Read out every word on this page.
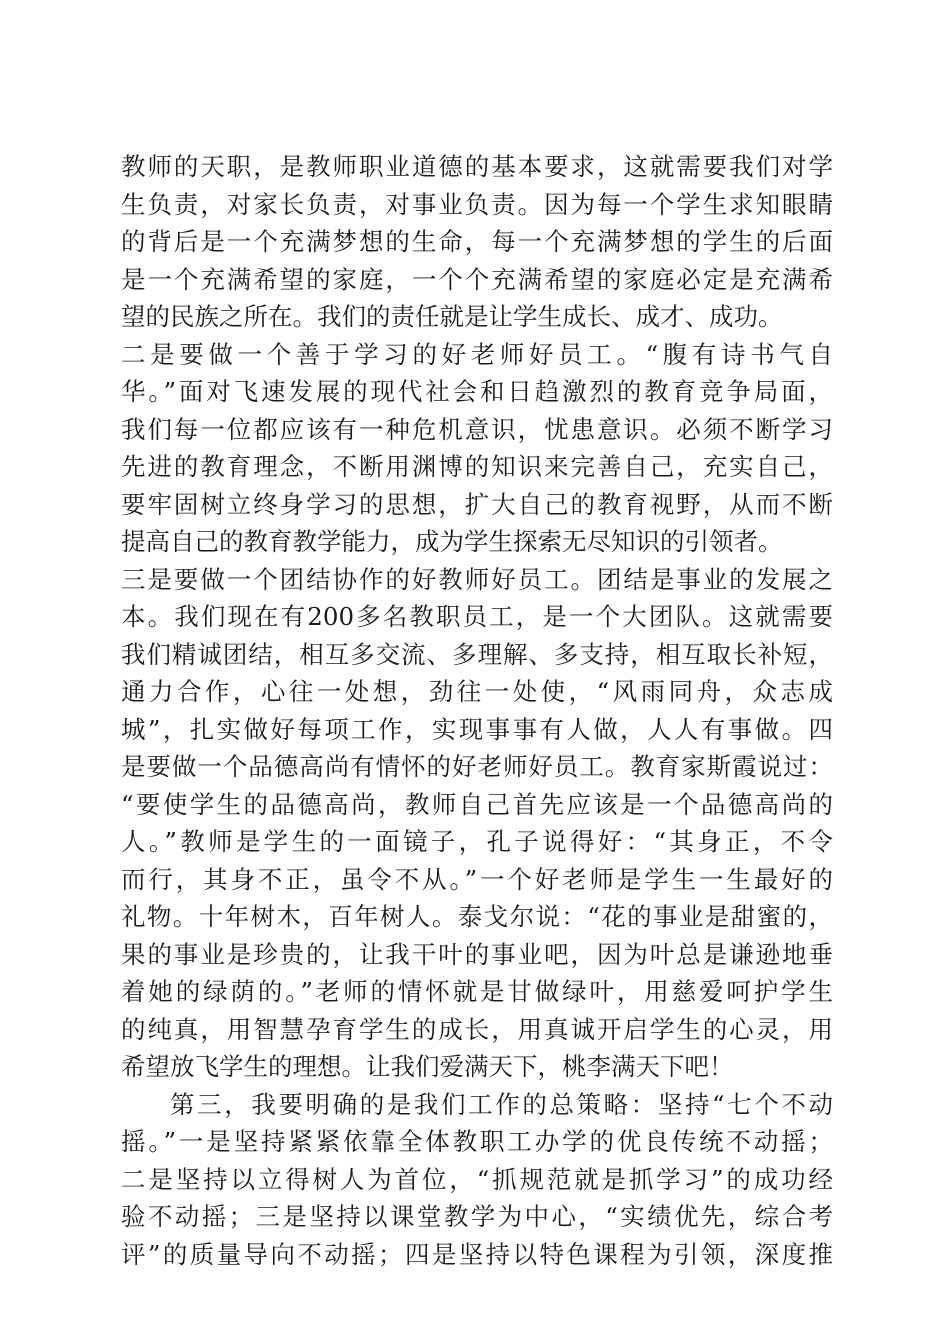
教师的天职，是教师职业道德的基本要求，这就需要我们对学
生负责，对家长负责，对事业负责。因为每一个学生求知眼睛
的背后是一个充满梦想的生命，每一个充满梦想的学生的后面
是一个充满希望的家庭，一个个充满希望的家庭必定是充满希
望的民族之所在。我们的责任就是让学生成长、成才、成功。
二是要做一个善于学习的好老师好员工。“腹有诗书气自
华。”面对飞速发展的现代社会和日趋激烈的教育竞争局面，
我们每一位都应该有一种危机意识，忧患意识。必须不断学习
先进的教育理念，不断用渊博的知识来完善自己，充实自己，
要牢固树立终身学习的思想，扩大自己的教育视野，从而不断
提高自己的教育教学能力，成为学生探索无尽知识的引领者。
三是要做一个团结协作的好教师好员工。团结是事业的发展之
本。我们现在有200多名教职员工，是一个大团队。这就需要
我们精诚团结，相互多交流、多理解、多支持，相互取长补短，
通力合作，心往一处想，劲往一处使，“风雨同舟，众志成
城”，扎实做好每项工作，实现事事有人做，人人有事做。四
是要做一个品德高尚有情怀的好老师好员工。教育家斯霞说过：
“要使学生的品德高尚，教师自己首先应该是一个品德高尚的
人。”教师是学生的一面镜子，孔子说得好：“其身正，不令
而行，其身不正，虽令不从。”一个好老师是学生一生最好的
礼物。十年树木，百年树人。泰戈尔说：“花的事业是甜蜜的，
果的事业是珍贵的，让我干叶的事业吧，因为叶总是谦逊地垂
着她的绿荫的。”老师的情怀就是甘做绿叶，用慈爱呵护学生
的纯真，用智慧孕育学生的成长，用真诚开启学生的心灵，用
希望放飞学生的理想。让我们爱满天下，桃李满天下吧！
第三，我要明确的是我们工作的总策略：坚持“七个不动
摇。”一是坚持紧紧依靠全体教职工办学的优良传统不动摇；
二是坚持以立得树人为首位，“抓规范就是抓学习”的成功经
验不动摇；三是坚持以课堂教学为中心，“实绩优先，综合考
评”的质量导向不动摇；四是坚持以特色课程为引领，深度推
